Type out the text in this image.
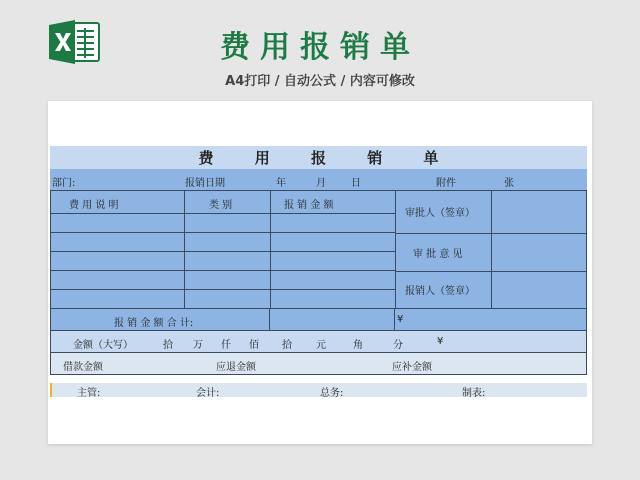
费用报销单
A4打印 / 自动公式 / 内容可修改
费 用 报 销 单
部门:	报销日期	年	月	日	附件	张
费 用 说 明	类 别	报 销 金 额
审批人（签章）
审 批 意 见
报销人（签章）
报 销 金 额 合 计:	¥
金额（大写）	拾 万 仟 佰 拾 元	角	分	¥
借款金额	应退金额	应补金额
主管:	会计:	总务:	制表:
